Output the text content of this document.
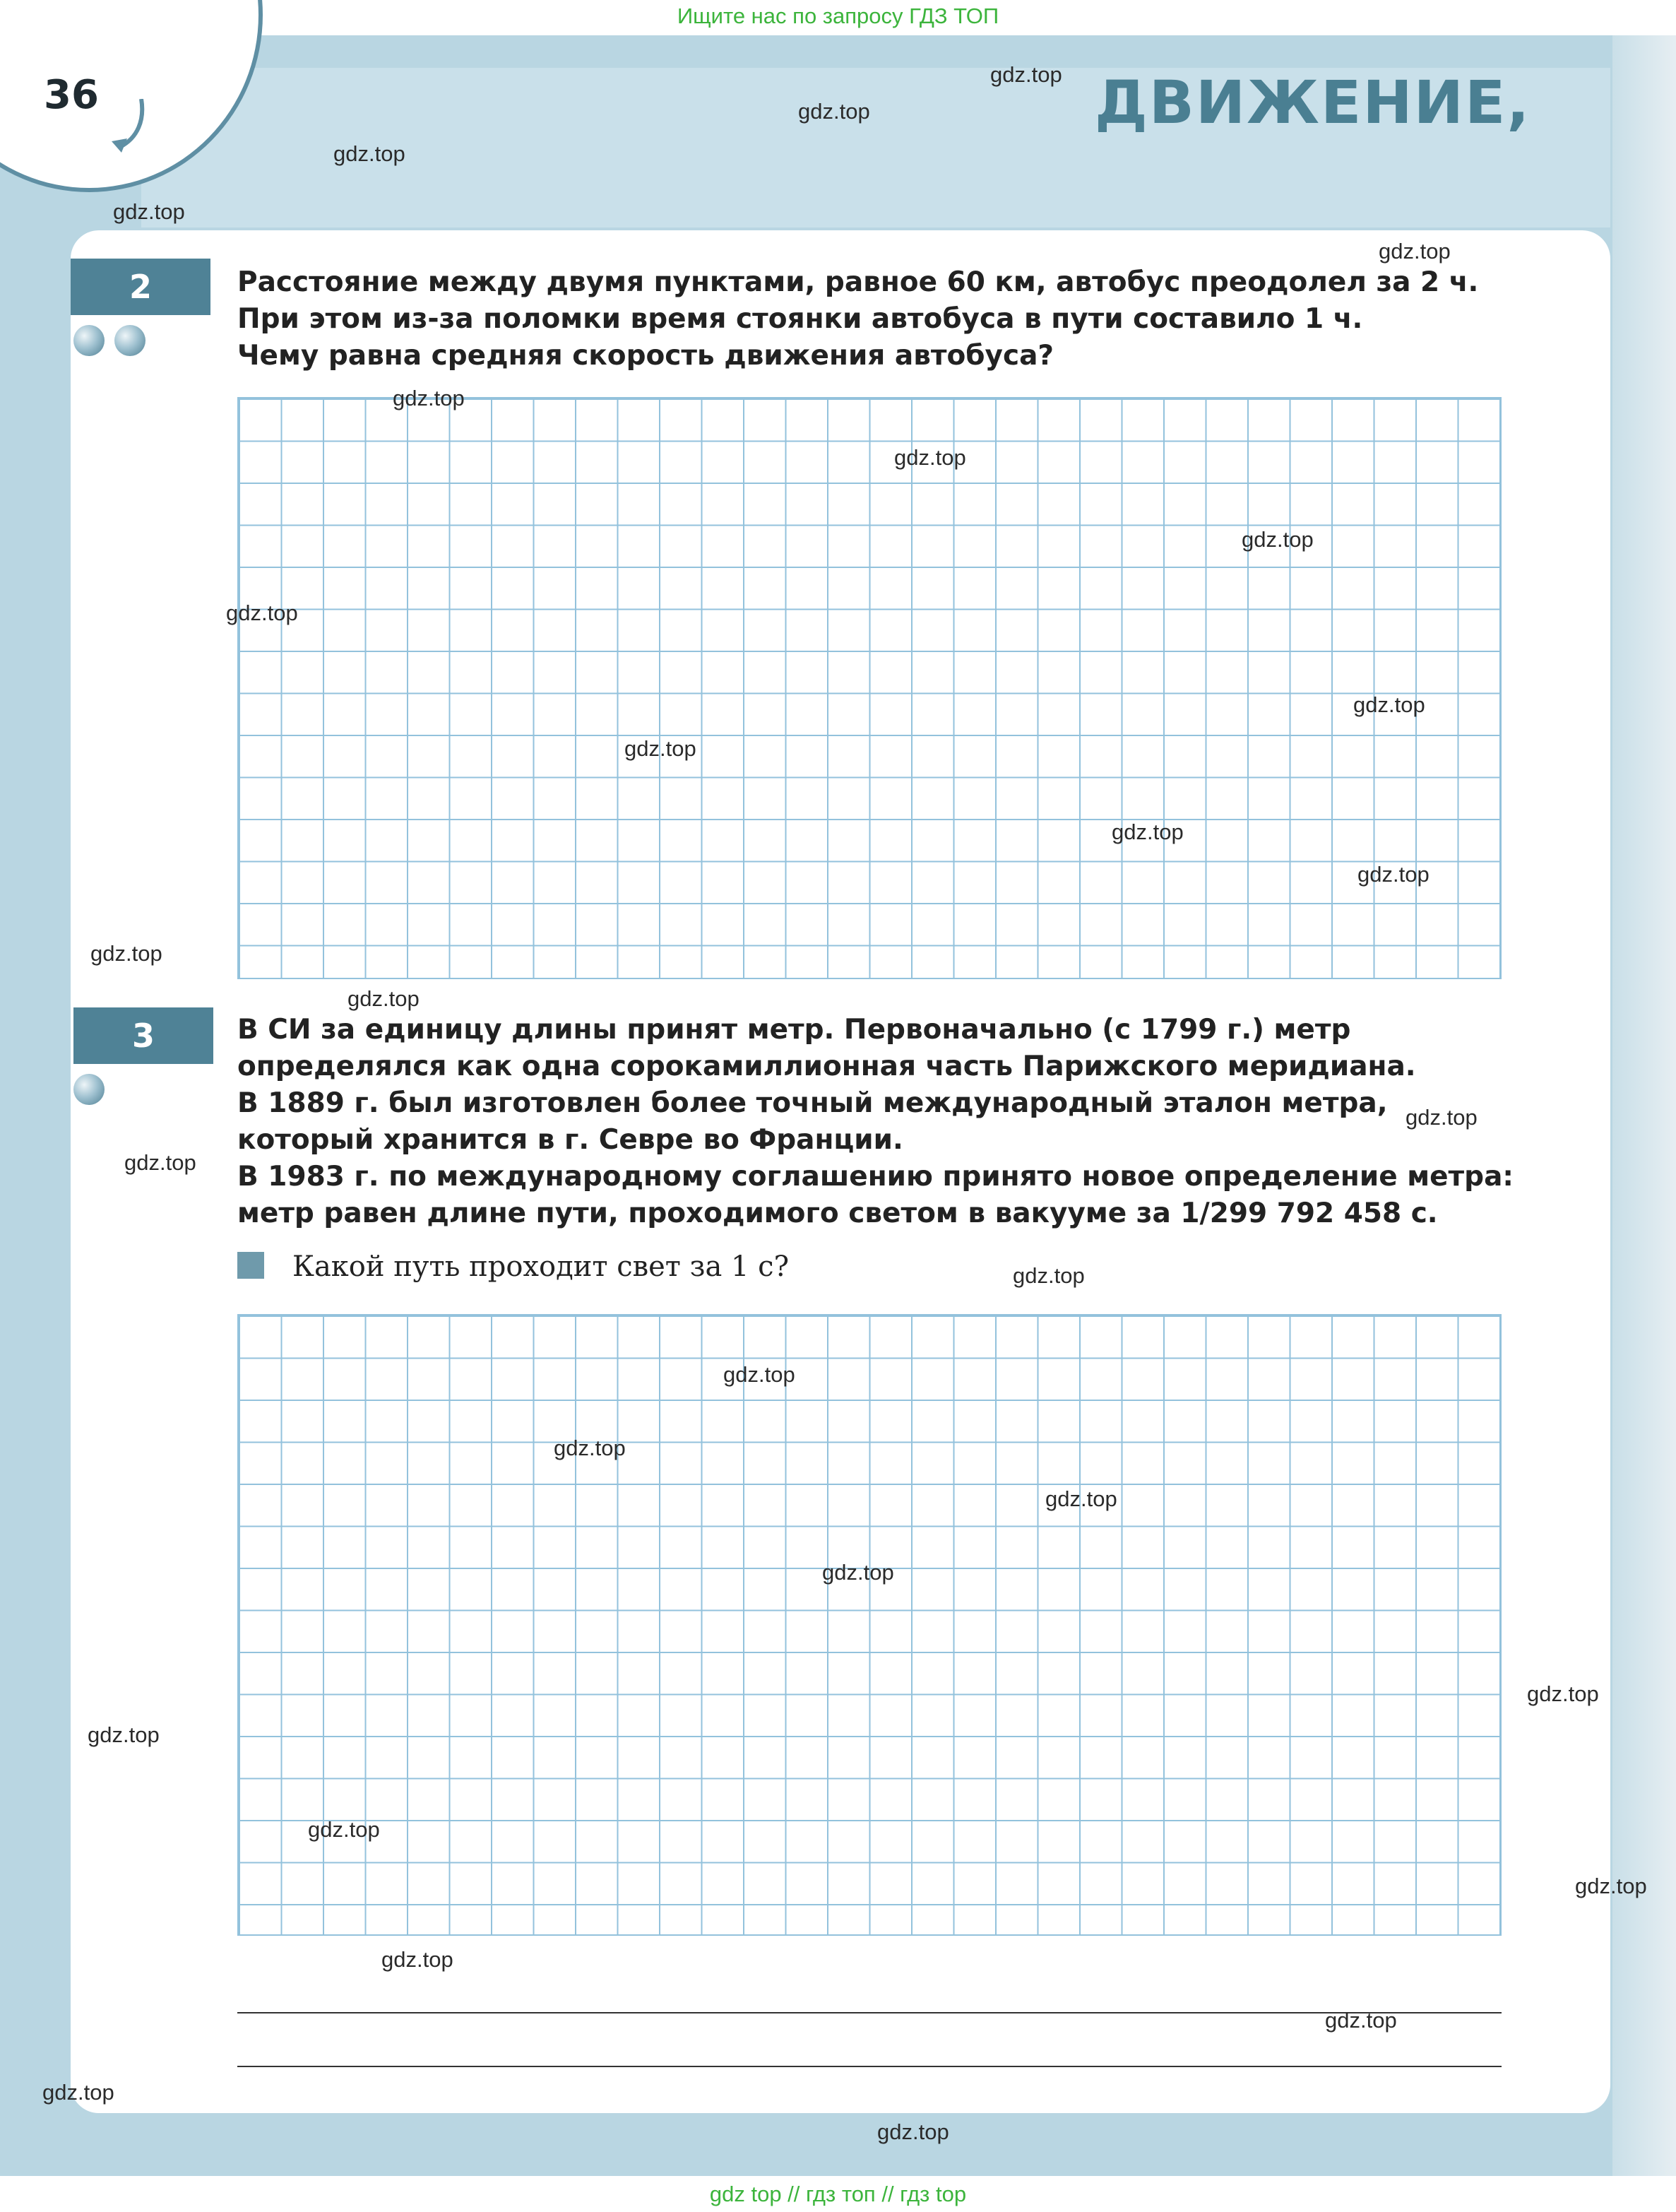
Ищите нас по запросу ГДЗ ТОП
36	ДВИЖЕНИЕ,
2	Расстояние между двумя пунктами, равное 60 км, автобус преодолел за 2 ч.

При этом из-за поломки время стоянки автобуса в пути составило 1 ч.

Чему равна средняя скорость движения автобуса?

3	В СИ за единицу длины принят метр. Первоначально (с 1799 г.) метр

определялся как одна сорокамиллионная часть Парижского меридиана.

В 1889 г. был изготовлен более точный международный эталон метра,

который хранится в г. Севре во Франции.

В 1983 г. по международному соглашению принято новое определение метра:

метр равен длине пути, проходимого светом в вакууме за 1/299 792 458 с.

Какой путь проходит свет за 1 с?
gdz.top
gdz.top
gdz.top
gdz.top
gdz.top
gdz.top
gdz.top
gdz.top
gdz.top
gdz.top
gdz.top
gdz.top
gdz.top
gdz.top
gdz.top
gdz.top
gdz.top
gdz.top
gdz.top
gdz.top
gdz.top
gdz.top
gdz.top
gdz.top
gdz.top
gdz.top
gdz.top
gdz.top
gdz.top
gdz.top
gdz top // гдз топ // гдз top
